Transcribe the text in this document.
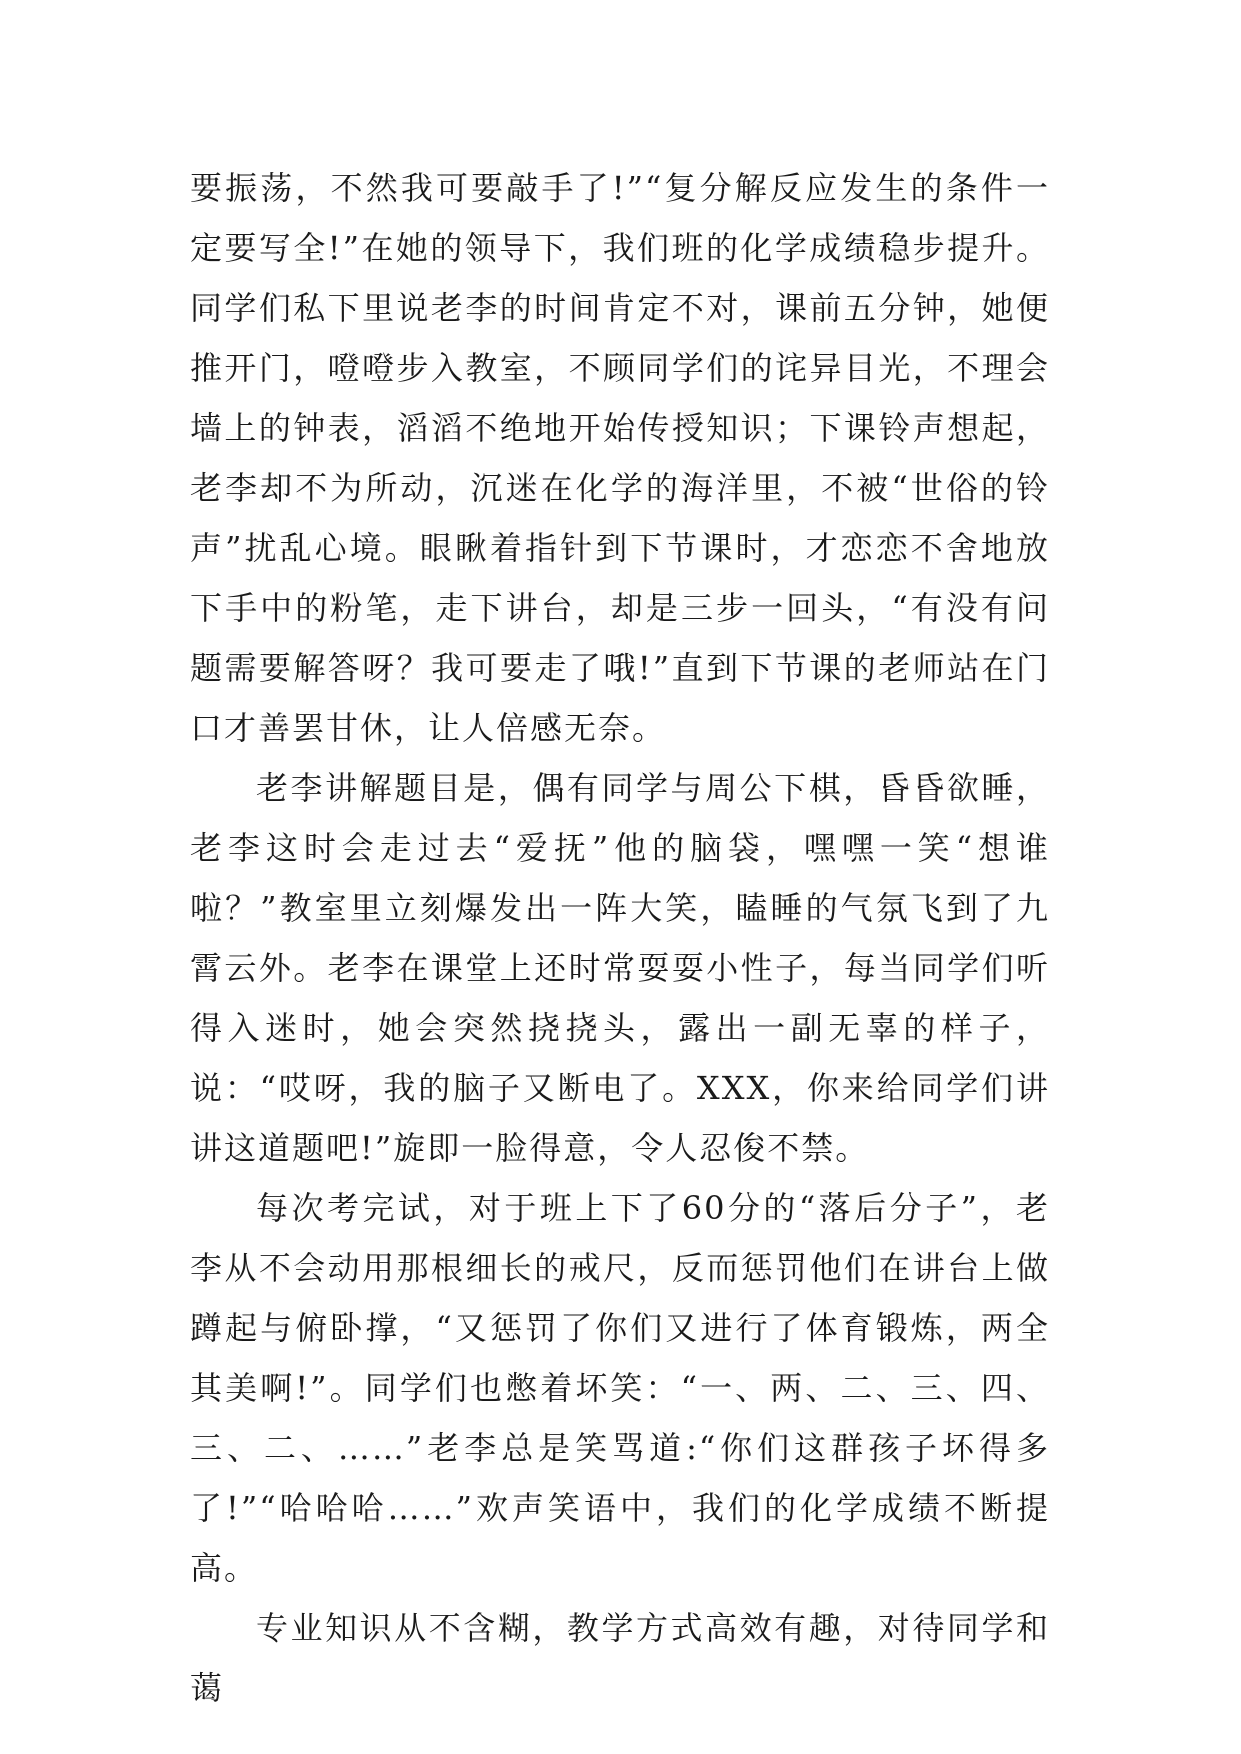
要振荡，不然我可要敲手了!”“复分解反应发生的条件一定要写全!”在她的领导下，我们班的化学成绩稳步提升。同学们私下里说老李的时间肯定不对，课前五分钟，她便推开门，噔噔步入教室，不顾同学们的诧异目光，不理会墙上的钟表，滔滔不绝地开始传授知识；下课铃声想起，老李却不为所动，沉迷在化学的海洋里，不被“世俗的铃声”扰乱心境。眼瞅着指针到下节课时，才恋恋不舍地放下手中的粉笔，走下讲台，却是三步一回头，“有没有问题需要解答呀？我可要走了哦!”直到下节课的老师站在门口才善罢甘休，让人倍感无奈。

老李讲解题目是，偶有同学与周公下棋，昏昏欲睡，老李这时会走过去“爱抚”他的脑袋，嘿嘿一笑“想谁啦？”教室里立刻爆发出一阵大笑，瞌睡的气氛飞到了九霄云外。老李在课堂上还时常耍耍小性子，每当同学们听得入迷时，她会突然挠挠头，露出一副无辜的样子，说：“哎呀，我的脑子又断电了。XXX，你来给同学们讲讲这道题吧!”旋即一脸得意，令人忍俊不禁。

每次考完试，对于班上下了60分的“落后分子”，老李从不会动用那根细长的戒尺，反而惩罚他们在讲台上做蹲起与俯卧撑，“又惩罚了你们又进行了体育锻炼，两全其美啊!”。同学们也憋着坏笑：“一、两、二、三、四、三、二、……”老李总是笑骂道:“你们这群孩子坏得多了!”“哈哈哈……”欢声笑语中，我们的化学成绩不断提高。

专业知识从不含糊，教学方式高效有趣，对待同学和蔼
